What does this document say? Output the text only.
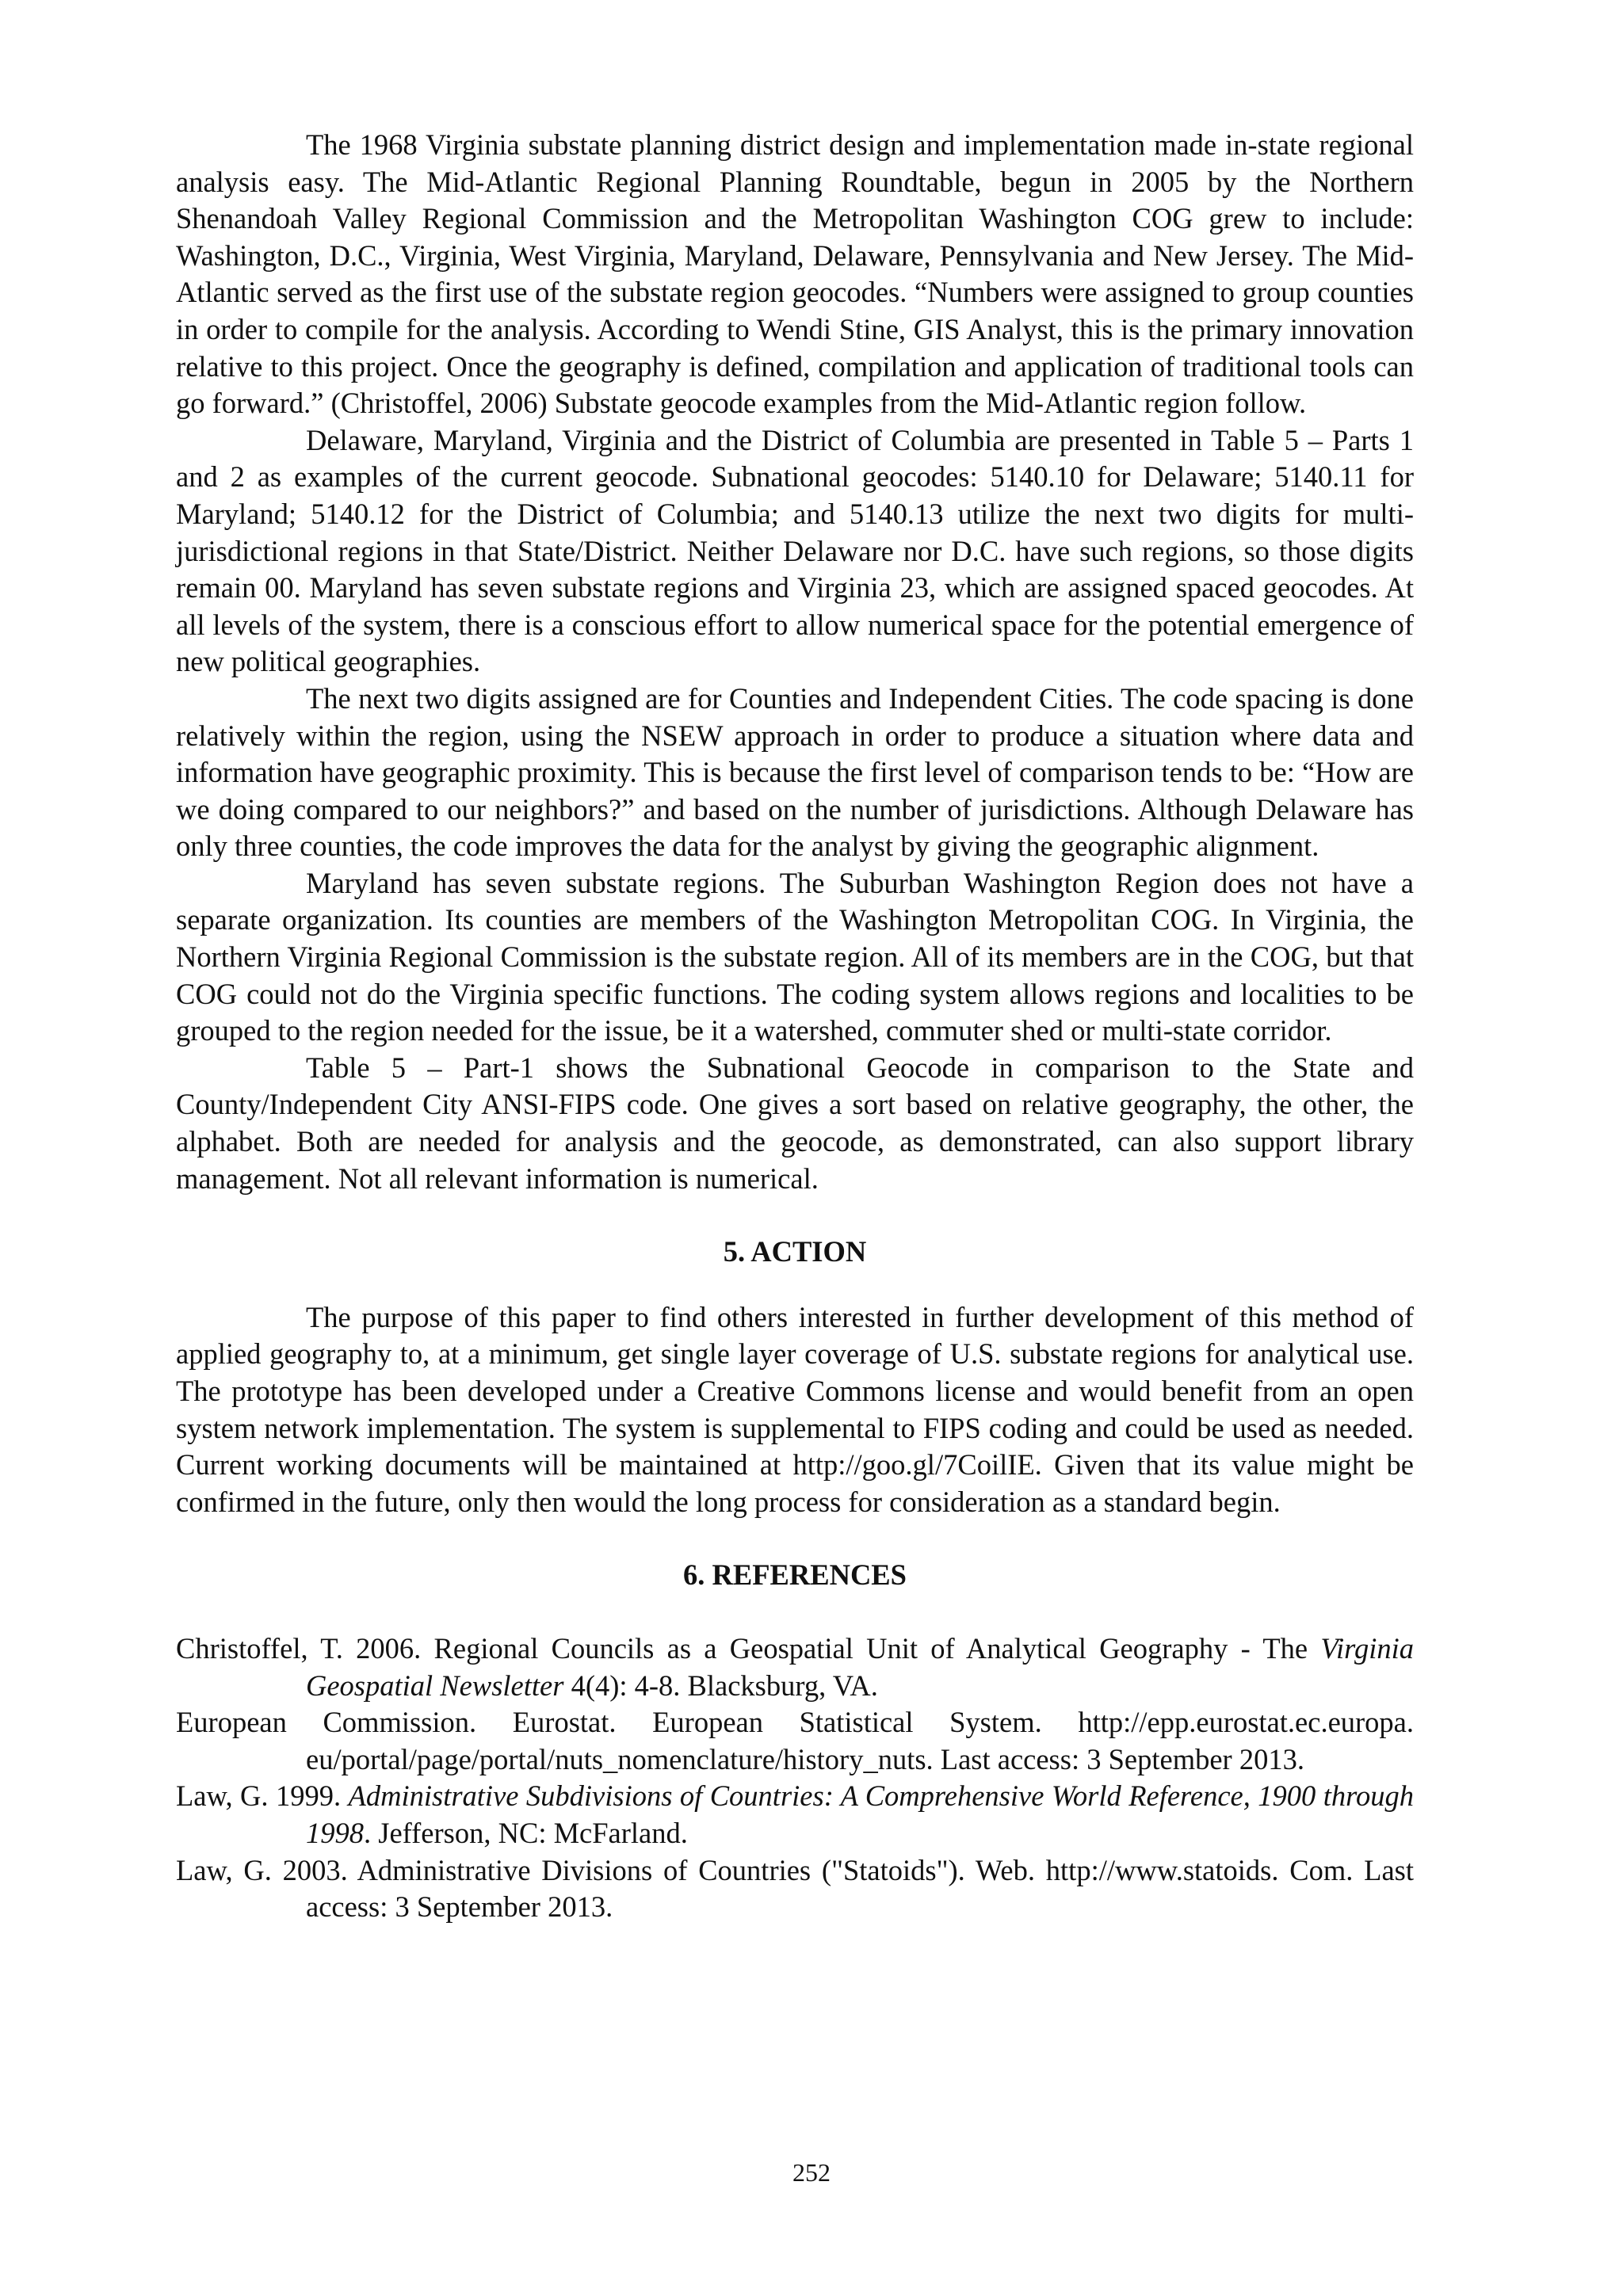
The 1968 Virginia substate planning district design and implementation made in-state regional analysis easy. The Mid-Atlantic Regional Planning Roundtable, begun in 2005 by the Northern Shenandoah Valley Regional Commission and the Metropolitan Washington COG grew to include: Washington, D.C., Virginia, West Virginia, Maryland, Delaware, Pennsylvania and New Jersey. The Mid-Atlantic served as the first use of the substate region geocodes. “Numbers were assigned to group counties in order to compile for the analysis. According to Wendi Stine, GIS Analyst, this is the primary innovation relative to this project. Once the geography is defined, compilation and application of traditional tools can go forward.” (Christoffel, 2006) Substate geocode examples from the Mid-Atlantic region follow.

Delaware, Maryland, Virginia and the District of Columbia are presented in Table 5 – Parts 1 and 2 as examples of the current geocode. Subnational geocodes: 5140.10 for Delaware; 5140.11 for Maryland; 5140.12 for the District of Columbia; and 5140.13 utilize the next two digits for multi-jurisdictional regions in that State/District. Neither Delaware nor D.C. have such regions, so those digits remain 00. Maryland has seven substate regions and Virginia 23, which are assigned spaced geocodes. At all levels of the system, there is a conscious effort to allow numerical space for the potential emergence of new political geographies.

The next two digits assigned are for Counties and Independent Cities. The code spacing is done relatively within the region, using the NSEW approach in order to produce a situation where data and information have geographic proximity. This is because the first level of comparison tends to be: “How are we doing compared to our neighbors?” and based on the number of jurisdictions. Although Delaware has only three counties, the code improves the data for the analyst by giving the geographic alignment.

Maryland has seven substate regions. The Suburban Washington Region does not have a separate organization. Its counties are members of the Washington Metropolitan COG. In Virginia, the Northern Virginia Regional Commission is the substate region. All of its members are in the COG, but that COG could not do the Virginia specific functions. The coding system allows regions and localities to be grouped to the region needed for the issue, be it a watershed, commuter shed or multi-state corridor.

Table 5 – Part-1 shows the Subnational Geocode in comparison to the State and County/Independent City ANSI-FIPS code. One gives a sort based on relative geography, the other, the alphabet. Both are needed for analysis and the geocode, as demonstrated, can also support library management. Not all relevant information is numerical.

5. ACTION

The purpose of this paper to find others interested in further development of this method of applied geography to, at a minimum, get single layer coverage of U.S. substate regions for analytical use. The prototype has been developed under a Creative Commons license and would benefit from an open system network implementation. The system is supplemental to FIPS coding and could be used as needed. Current working documents will be maintained at http://goo.gl/7CoilIE. Given that its value might be confirmed in the future, only then would the long process for consideration as a standard begin.

6. REFERENCES

Christoffel, T. 2006. Regional Councils as a Geospatial Unit of Analytical Geography - The Virginia Geospatial Newsletter 4(4): 4-8. Blacksburg, VA.

European Commission. Eurostat. European Statistical System. http://epp.eurostat.ec.europa. eu/portal/page/portal/nuts_nomenclature/history_nuts. Last access: 3 September 2013.

Law, G. 1999. Administrative Subdivisions of Countries: A Comprehensive World Reference, 1900 through 1998. Jefferson, NC: McFarland.

Law, G. 2003. Administrative Divisions of Countries ("Statoids"). Web. http://www.statoids. Com. Last access: 3 September 2013.

252
